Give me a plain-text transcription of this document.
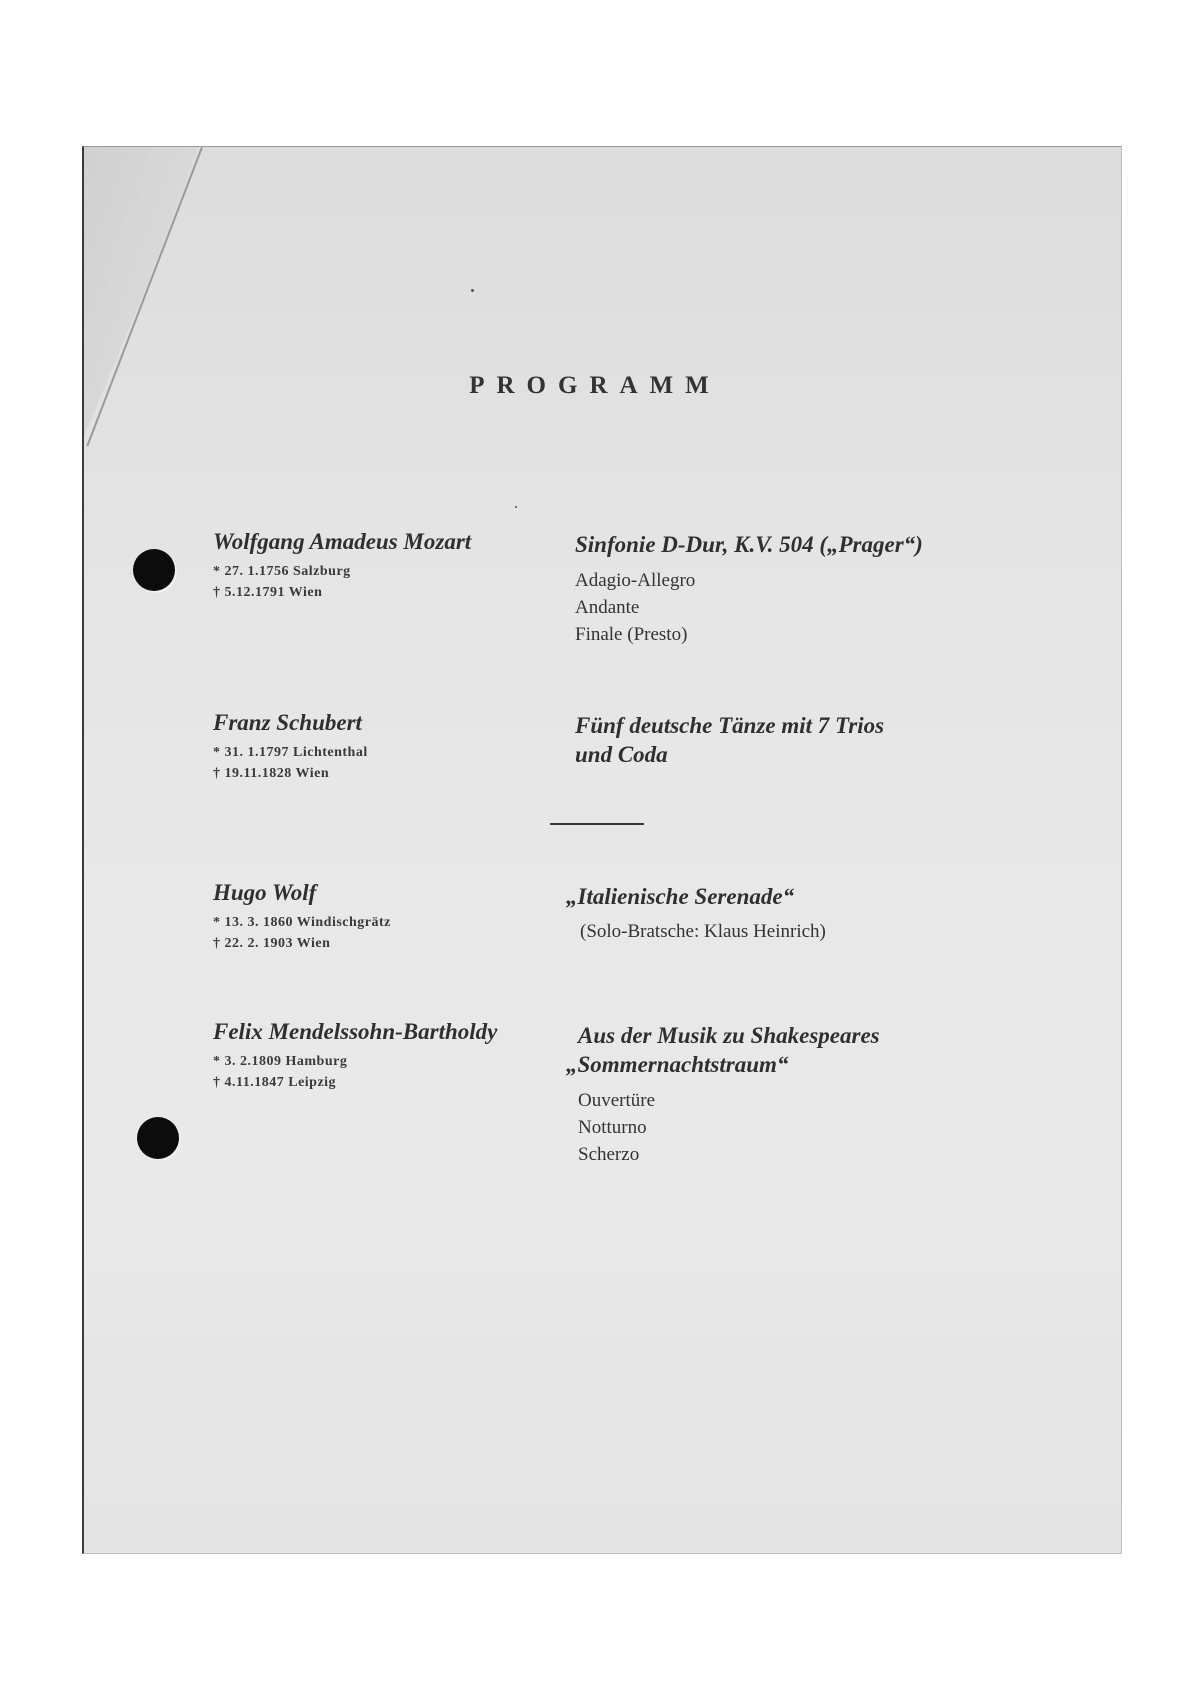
PROGRAMM
Wolfgang Amadeus Mozart
* 27. 1.1756 Salzburg
† 5.12.1791 Wien
Sinfonie D-Dur, K.V. 504 („Prager“)
Adagio-Allegro
Andante
Finale (Presto)
Franz Schubert
* 31. 1.1797 Lichtenthal
† 19.11.1828 Wien
Fünf deutsche Tänze mit 7 Trios
und Coda
Hugo Wolf
* 13. 3. 1860 Windischgrätz
† 22. 2. 1903 Wien
„Italienische Serenade“
(Solo-Bratsche: Klaus Heinrich)
Felix Mendelssohn-Bartholdy
* 3. 2.1809 Hamburg
† 4.11.1847 Leipzig
Aus der Musik zu Shakespeares
„Sommernachtstraum“
Ouvertüre
Notturno
Scherzo
